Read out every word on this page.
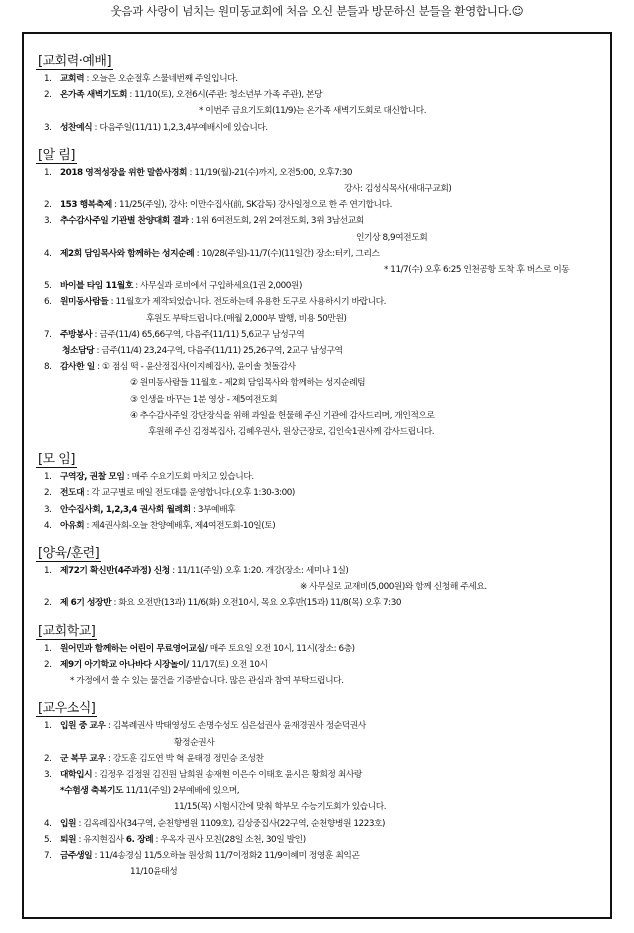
웃음과 사랑이 넘치는 원미동교회에 처음 오신 분들과 방문하신 분들을 환영합니다.☺
[교회력·예배]
1. 교회력 : 오늘은 오순절후 스물네번째 주일입니다.
2. 온가족 새벽기도회 : 11/10(토), 오전6시(주관: 청소년부 가족 주관), 본당
* 이번주 금요기도회(11/9)는 온가족 새벽기도회로 대신합니다.
3. 성찬예식 : 다음주일(11/11) 1,2,3,4부예배시에 있습니다.
[알 림]
1. 2018 영적성장을 위한 말씀사경회 : 11/19(월)-21(수)까지, 오전5:00, 오후7:30
강사: 김성식목사(새대구교회)
2. 153 행복축제 : 11/25(주일), 강사: 이만수집사(前, SK감독) 강사일정으로 한 주 연기합니다.
3. 추수감사주일 기관별 찬양대회 결과 : 1위 6여전도회, 2위 2여전도회, 3위 3남선교회
인기상 8,9여전도회
4. 제2회 담임목사와 함께하는 성지순례 : 10/28(주일)-11/7(수)(11일간) 장소:터키, 그리스
* 11/7(수) 오후 6:25 인천공항 도착 후 버스로 이동
5. 바이블 타임 11월호 : 사무실과 로비에서 구입하세요(1권 2,000원)
6. 원미동사람들 : 11월호가 제작되었습니다. 전도하는데 유용한 도구로 사용하시기 바랍니다.
후원도 부탁드립니다.(매월 2,000부 발행, 비용 50만원)
7. 주방봉사 : 금주(11/4) 65,66구역, 다음주(11/11) 5,6교구 남성구역
청소담당 : 금주(11/4) 23,24구역, 다음주(11/11) 25,26구역, 2교구 남성구역
8. 감사한 일 : ① 점심 떡 - 윤산정집사(이지혜집사), 윤이솔 첫돌감사
② 원미동사람들 11월호 - 제2회 담임목사와 함께하는 성지순례팀
③ 인생을 바꾸는 1분 영상 - 제5여전도회
④ 추수감사주일 강단장식을 위해 과일을 헌물해 주신 기관에 감사드리며, 개인적으로
후원해 주신 김정복집사, 김혜우권사, 원상근장로, 김인숙1권사께 감사드립니다.
[모 임]
1. 구역장, 권찰 모임 : 매주 수요기도회 마치고 있습니다.
2. 전도대 : 각 교구별로 매일 전도대를 운영합니다.(오후 1:30-3:00)
3. 안수집사회, 1,2,3,4 권사회 월례회 : 3부예배후
4. 아유회 : 제4권사회-오늘 찬양예배후, 제4여전도회-10일(토)
[양육/훈련]
1. 제72기 확신반(4주과정) 신청 : 11/11(주일) 오후 1:20. 개강(장소: 세미나 1실)
※ 사무실로 교재비(5,000원)와 함께 신청해 주세요.
2. 제 6기 성장반 : 화요 오전반(13과) 11/6(화) 오전10시, 목요 오후반(15과) 11/8(목) 오후 7:30
[교회학교]
1. 원어민과 함께하는 어린이 무료영어교실/ 매주 토요일 오전 10시, 11시(장소: 6층)
2. 제9기 아기학교 아나바다 시장놀이/ 11/17(토) 오전 10시
* 가정에서 쓸 수 있는 물건을 기증받습니다. 많은 관심과 참여 부탁드립니다.
[교우소식]
1. 입원 중 교우 : 김복례권사 박태영성도 손명수성도 심은섭권사 윤재경권사 정순덕권사
황정순권사
2. 군 복무 교우 : 강도훈 김도연 박 혁 윤태경 정민승 조성찬
3. 대학입시 : 김정우 김정원 김진원 남희원 송재현 이은수 이태호 윤시은 황희정 최사랑
*수험생 축복기도 11/11(주일) 2부예배에 있으며,
11/15(목) 시험시간에 맞춰 학부모 수능기도회가 있습니다.
4. 입원 : 김옥례집사(34구역, 순천향병원 1109호), 김상중집사(22구역, 순천향병원 1223호)
5. 퇴원 : 유지현집사 6. 장례 : 우옥자 권사 모친(28일 소천, 30일 발인)
7. 금주생일 : 11/4송경심 11/5오하늘 원상희 11/7이정화2 11/9이혜미 정영훈 최익곤
11/10윤태성
